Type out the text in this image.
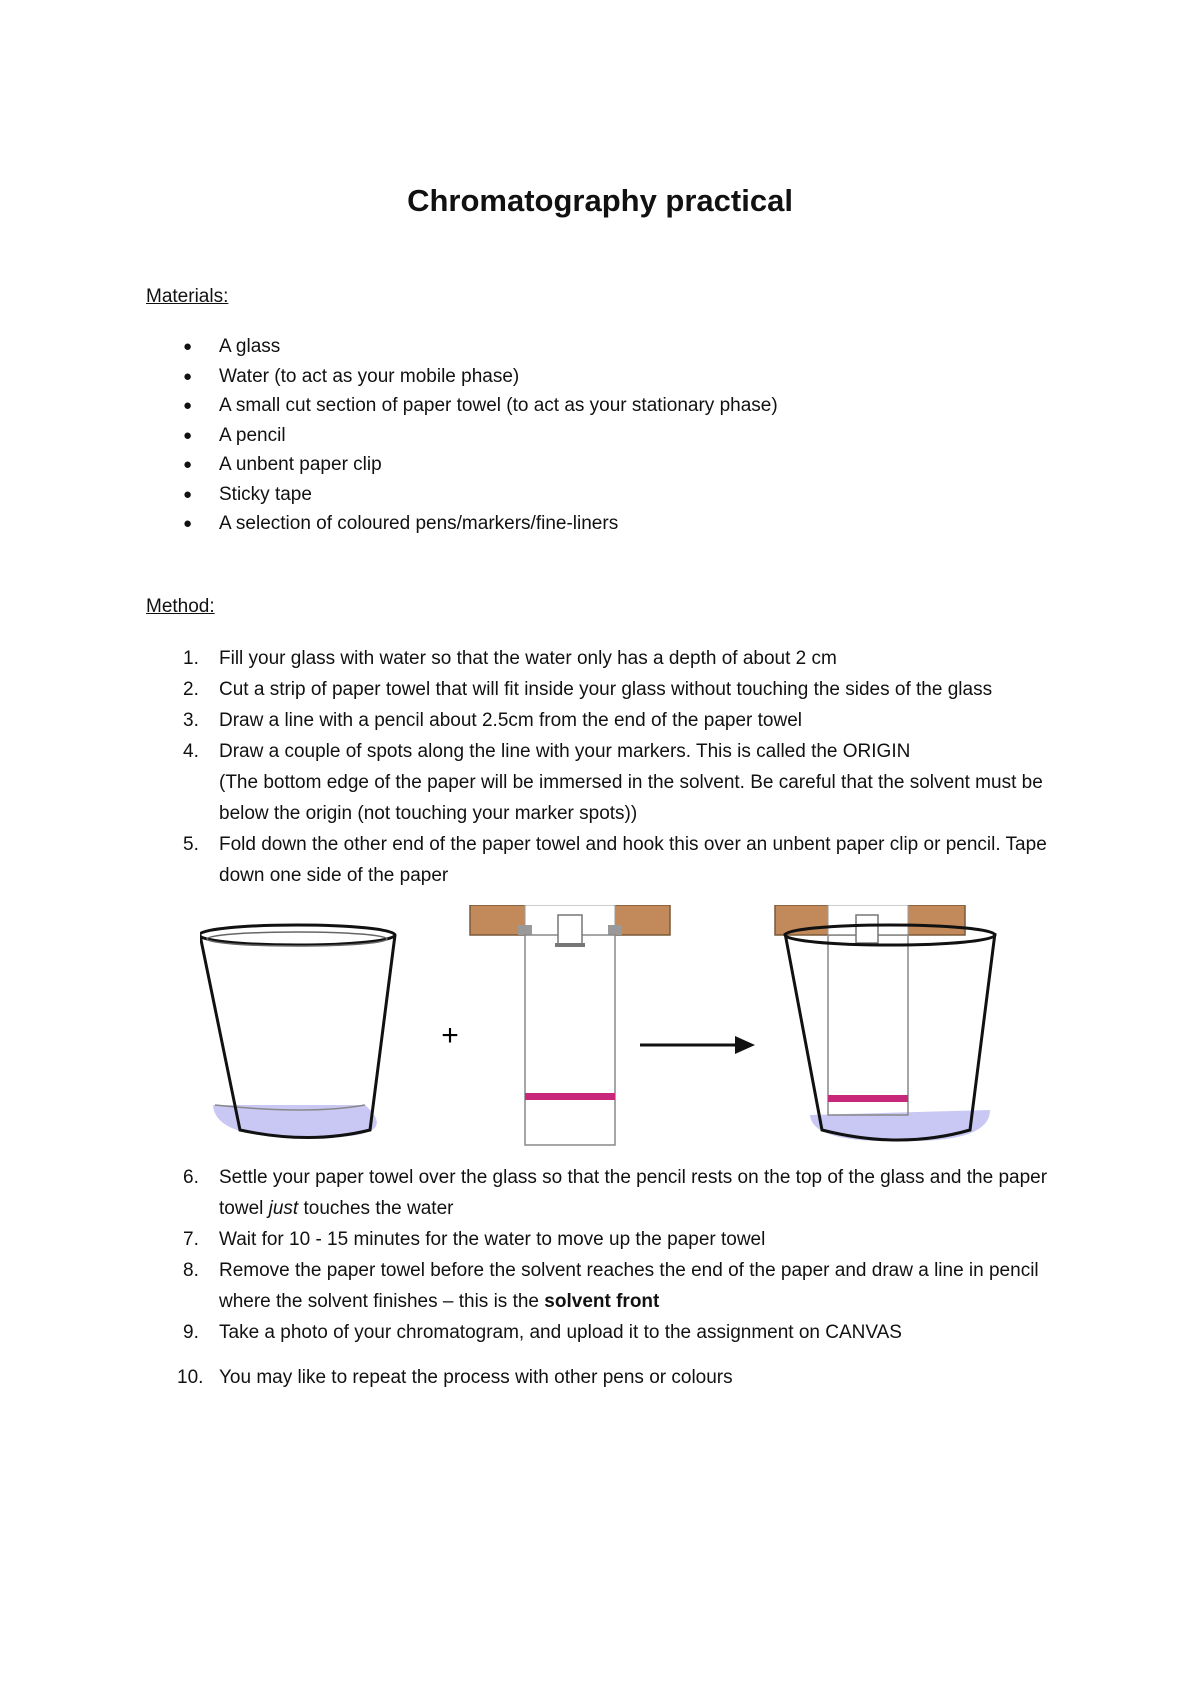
Chromatography practical
Materials:
● A glass
● Water (to act as your mobile phase)
● A small cut section of paper towel (to act as your stationary phase)
● A pencil
● A unbent paper clip
● Sticky tape
● A selection of coloured pens/markers/fine-liners
Method:
1.	Fill your glass with water so that the water only has a depth of about 2 cm
2.	Cut a strip of paper towel that will fit inside your glass without touching the sides of the glass
3.	Draw a line with a pencil about 2.5cm from the end of the paper towel
4.	Draw a couple of spots along the line with your markers. This is called the ORIGIN
(The bottom edge of the paper will be immersed in the solvent. Be careful that the solvent must be below the origin (not touching your marker spots))
5.	Fold down the other end of the paper towel and hook this over an unbent paper clip or pencil. Tape down one side of the paper
+
6.	Settle your paper towel over the glass so that the pencil rests on the top of the glass and the paper towel just touches the water
7.	Wait for 10 - 15 minutes for the water to move up the paper towel
8.	Remove the paper towel before the solvent reaches the end of the paper and draw a line in pencil where the solvent finishes – this is the solvent front
9.	Take a photo of your chromatogram, and upload it to the assignment on CANVAS
10. You may like to repeat the process with other pens or colours
